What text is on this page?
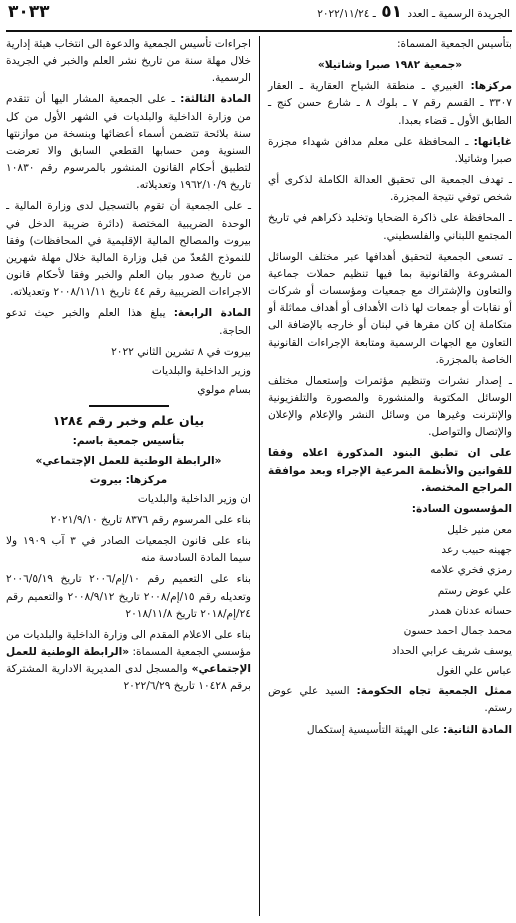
الجريدة الرسمية ـ العدد ٥١ ـ ٢٠٢٢/١١/٢٤
٣٠٣٣

بتأسيس الجمعية المسماة:

«جمعية ١٩٨٢ صبرا وشاتيلا»

مركزها: الغبيري ـ منطقة الشياح العقارية ـ العقار ٣٣٠٧ ـ القسم رقم ٧ ـ بلوك ٨ ـ شارع حسن كنج ـ الطابق الأول ـ قضاء بعبدا.

غاياتها: ـ المحافظة على معلم مدافن شهداء مجزرة صبرا وشاتيلا.

ـ تهدف الجمعية الى تحقيق العدالة الكاملة لذكرى أي شخص توفي نتيجة المجزرة.

ـ المحافظة على ذاكرة الضحايا وتخليد ذكراهم في تاريخ المجتمع اللبناني والفلسطيني.

ـ تسعى الجمعية لتحقيق أهدافها عبر مختلف الوسائل المشروعة والقانونية بما فيها تنظيم حملات جماعية والتعاون والإشتراك مع جمعيات ومؤسسات أو شركات أو نقابات أو جمعات لها ذات الأهداف أو أهداف مماثلة أو متكاملة إن كان مقرها في لبنان أو خارجه بالإضافة الى التعاون مع الجهات الرسمية ومتابعة الإجراءات القانونية الخاصة بالمجزرة.

ـ إصدار نشرات وتنظيم مؤتمرات وإستعمال مختلف الوسائل المكتوبة والمنشورة والمصورة والتلفزيونية والإنترنت وغيرها من وسائل النشر والإعلام والإعلان والإتصال والتواصل.

على ان تطبق البنود المذكورة اعلاه وفقا للقوانين والأنظمة المرعية الإجراء وبعد موافقة المراجع المختصة.

المؤسسون السادة:

معن منير خليل

جهينه حبيب رعد

رمزي فخري علامه

علي عوض رستم

حسانه عدنان همدر

محمد جمال احمد حسون

يوسف شريف عرابي الحداد

عباس علي الغول

ممثل الجمعية تجاه الحكومة: السيد علي عوض رستم.

المادة الثانية: على الهيئة التأسيسية إستكمال

اجراءات تأسيس الجمعية والدعوة الى انتخاب هيئة إدارية خلال مهلة سنة من تاريخ نشر العلم والخبر في الجريدة الرسمية.

المادة الثالثة: ـ على الجمعية المشار اليها أن تتقدم من وزارة الداخلية والبلديات في الشهر الأول من كل سنة بلائحة تتضمن أسماء أعضائها وبنسخة من موازنتها السنوية ومن حسابها القطعي السابق والا تعرضت لتطبيق أحكام القانون المنشور بالمرسوم رقم ١٠٨٣٠ تاريخ ١٩٦٢/١٠/٩ وتعديلاته.

ـ على الجمعية أن تقوم بالتسجيل لدى وزارة المالية ـ الوحدة الضريبية المختصة (دائرة ضريبة الدخل في بيروت والمصالح المالية الإقليمية في المحافظات) وفقا للنموذج المُعدّ من قبل وزارة المالية خلال مهلة شهرين من تاريخ صدور بيان العلم والخبر وفقا لأحكام قانون الاجراءات الضريبية رقم ٤٤ تاريخ ٢٠٠٨/١١/١١ وتعديلاته.

المادة الرابعة: يبلغ هذا العلم والخبر حيث تدعو الحاجة.

بيروت في ٨ تشرين الثاني ٢٠٢٢

وزير الداخلية والبلديات

بسام مولوي

بيان علم وخبر رقم ١٢٨٤

بتأسيس جمعية باسم:

«الرابطة الوطنية للعمل الإجتماعي»

مركزها: بيروت

ان وزير الداخلية والبلديات

بناء على المرسوم رقم ٨٣٧٦ تاريخ ٢٠٢١/٩/١٠

بناء على قانون الجمعيات الصادر في ٣ آب ١٩٠٩ ولا سيما المادة السادسة منه

بناء على التعميم رقم ١٠/إم/٢٠٠٦ تاريخ ٢٠٠٦/٥/١٩ وتعديله رقم ١٥/إم/٢٠٠٨ تاريخ ٢٠٠٨/٩/١٢ والتعميم رقم ٢٤/إم/٢٠١٨ تاريخ ٢٠١٨/١١/٨

بناء على الاعلام المقدم الى وزارة الداخلية والبلديات من مؤسسي الجمعية المسماة: «الرابطة الوطنية للعمل الإجتماعي» والمسجل لدى المديرية الادارية المشتركة برقم ١٠٤٢٨ تاريخ ٢٠٢٢/٦/٢٩
